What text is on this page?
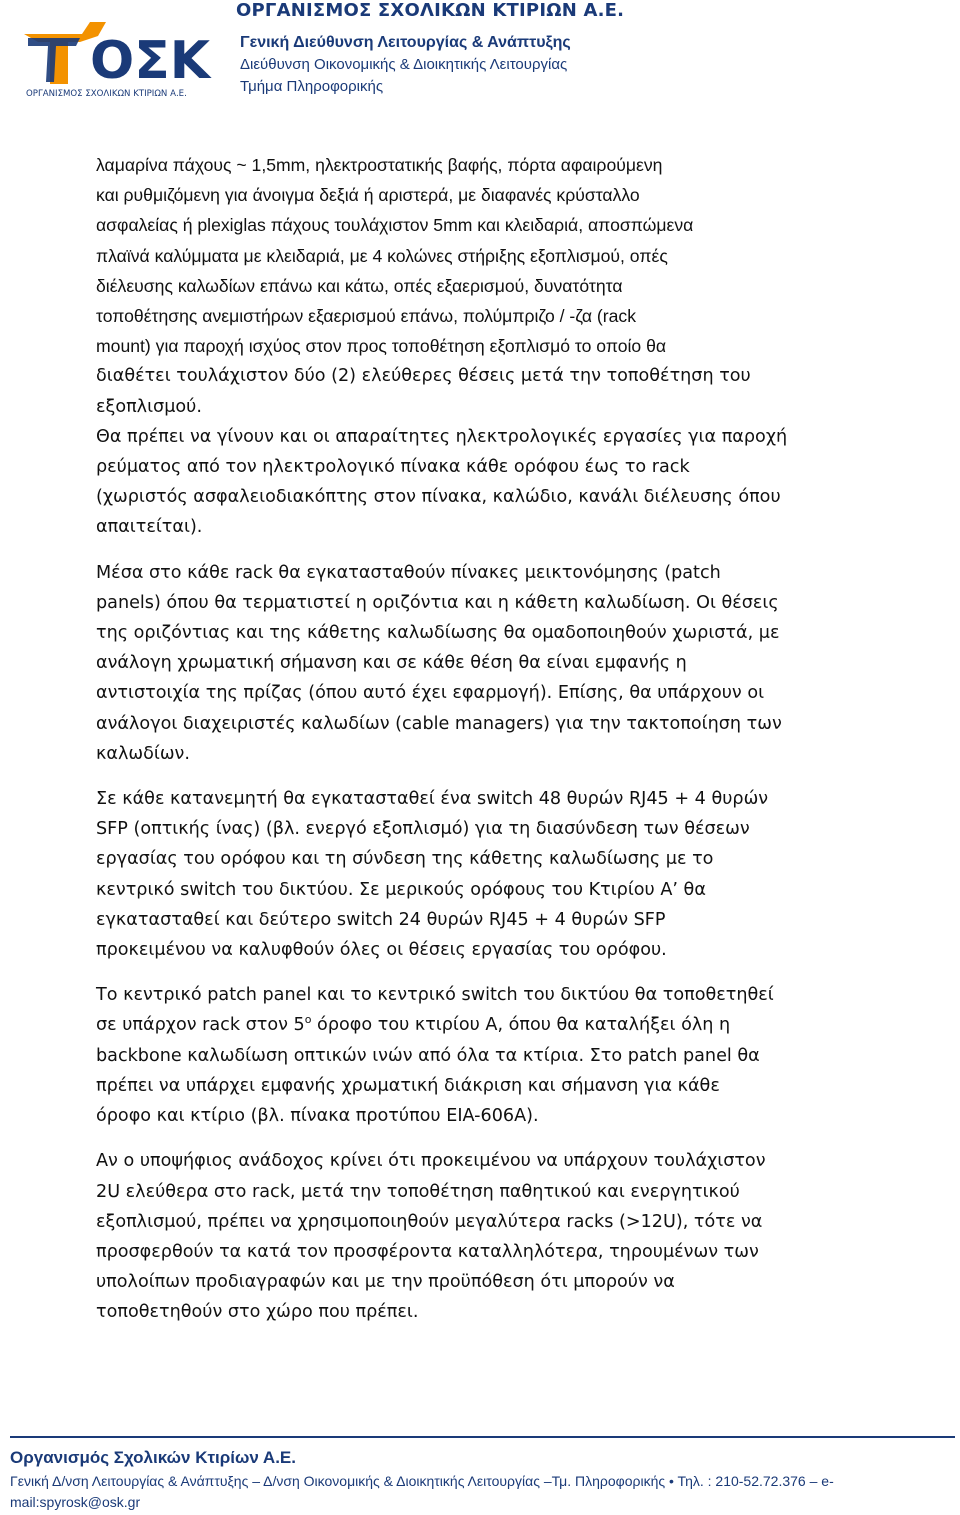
ΟΣΚ
ΟΡΓΑΝΙΣΜΟΣ ΣΧΟΛΙΚΩΝ ΚΤΙΡΙΩΝ Α.Ε.
ΟΡΓΑΝΙΣΜΟΣ ΣΧΟΛΙΚΩΝ ΚΤΙΡΙΩΝ Α.Ε.
Γενική Διεύθυνση Λειτουργίας & Ανάπτυξης
Διεύθυνση Οικονομικής & Διοικητικής Λειτουργίας
Τμήμα Πληροφορικής

λαμαρίνα πάχους ~ 1,5mm, ηλεκτροστατικής βαφής, πόρτα αφαιρούμενη

και ρυθμιζόμενη για άνοιγμα δεξιά ή αριστερά, με διαφανές κρύσταλλο

ασφαλείας ή plexiglas πάχους τουλάχιστον 5mm και κλειδαριά, αποσπώμενα

πλαϊνά καλύμματα με κλειδαριά, με 4 κολώνες στήριξης εξοπλισμού, οπές

διέλευσης καλωδίων επάνω και κάτω, οπές εξαερισμού, δυνατότητα

τοποθέτησης ανεμιστήρων εξαερισμού επάνω, πολύμπριζο / -ζα (rack

mount) για παροχή ισχύος στον προς τοποθέτηση εξοπλισμό το οποίο θα

διαθέτει τουλάχιστον δύο (2) ελεύθερες θέσεις μετά την τοποθέτηση του

εξοπλισμού.

Θα πρέπει να γίνουν και οι απαραίτητες ηλεκτρολογικές εργασίες για παροχή

ρεύματος από τον ηλεκτρολογικό πίνακα κάθε ορόφου έως το rack

(χωριστός ασφαλειοδιακόπτης στον πίνακα, καλώδιο, κανάλι διέλευσης όπου

απαιτείται).

Μέσα στο κάθε rack θα εγκατασταθούν πίνακες μεικτονόμησης (patch

panels) όπου θα τερματιστεί η οριζόντια και η κάθετη καλωδίωση. Οι θέσεις

της οριζόντιας και της κάθετης καλωδίωσης θα ομαδοποιηθούν χωριστά, με

ανάλογη χρωματική σήμανση και σε κάθε θέση θα είναι εμφανής η

αντιστοιχία της πρίζας (όπου αυτό έχει εφαρμογή). Επίσης, θα υπάρχουν οι

ανάλογοι διαχειριστές καλωδίων (cable managers) για την τακτοποίηση των

καλωδίων.

Σε κάθε κατανεμητή θα εγκατασταθεί ένα switch 48 θυρών RJ45 + 4 θυρών

SFP (οπτικής ίνας) (βλ. ενεργό εξοπλισμό) για τη διασύνδεση των θέσεων

εργασίας του ορόφου και τη σύνδεση της κάθετης καλωδίωσης με το

κεντρικό switch του δικτύου. Σε μερικούς ορόφους του Κτιρίου Α’ θα

εγκατασταθεί και δεύτερο switch 24 θυρών RJ45 + 4 θυρών SFP

προκειμένου να καλυφθούν όλες οι θέσεις εργασίας του ορόφου.

Το κεντρικό patch panel και το κεντρικό switch του δικτύου θα τοποθετηθεί

σε υπάρχον rack στον $5^o$ όροφο του κτιρίου Α, όπου θα καταλήξει όλη η

backbone καλωδίωση οπτικών ινών από όλα τα κτίρια. Στο patch panel θα

πρέπει να υπάρχει εμφανής χρωματική διάκριση και σήμανση για κάθε

όροφο και κτίριο (βλ. πίνακα προτύπου EIA-606A).

Αν ο υποψήφιος ανάδοχος κρίνει ότι προκειμένου να υπάρχουν τουλάχιστον

2U ελεύθερα στο rack, μετά την τοποθέτηση παθητικού και ενεργητικού

εξοπλισμού, πρέπει να χρησιμοποιηθούν μεγαλύτερα racks (>12U), τότε να

προσφερθούν τα κατά τον προσφέροντα καταλληλότερα, τηρουμένων των

υπολοίπων προδιαγραφών και με την προϋπόθεση ότι μπορούν να

τοποθετηθούν στο χώρο που πρέπει.

Οργανισμός Σχολικών Κτιρίων Α.Ε.
Γενική Δ/νση Λειτουργίας & Ανάπτυξης – Δ/νση Οικονομικής & Διοικητικής Λειτουργίας –Τμ. Πληροφορικής • Τηλ. : 210-52.72.376 – e-
mail:spyrosk@osk.gr
